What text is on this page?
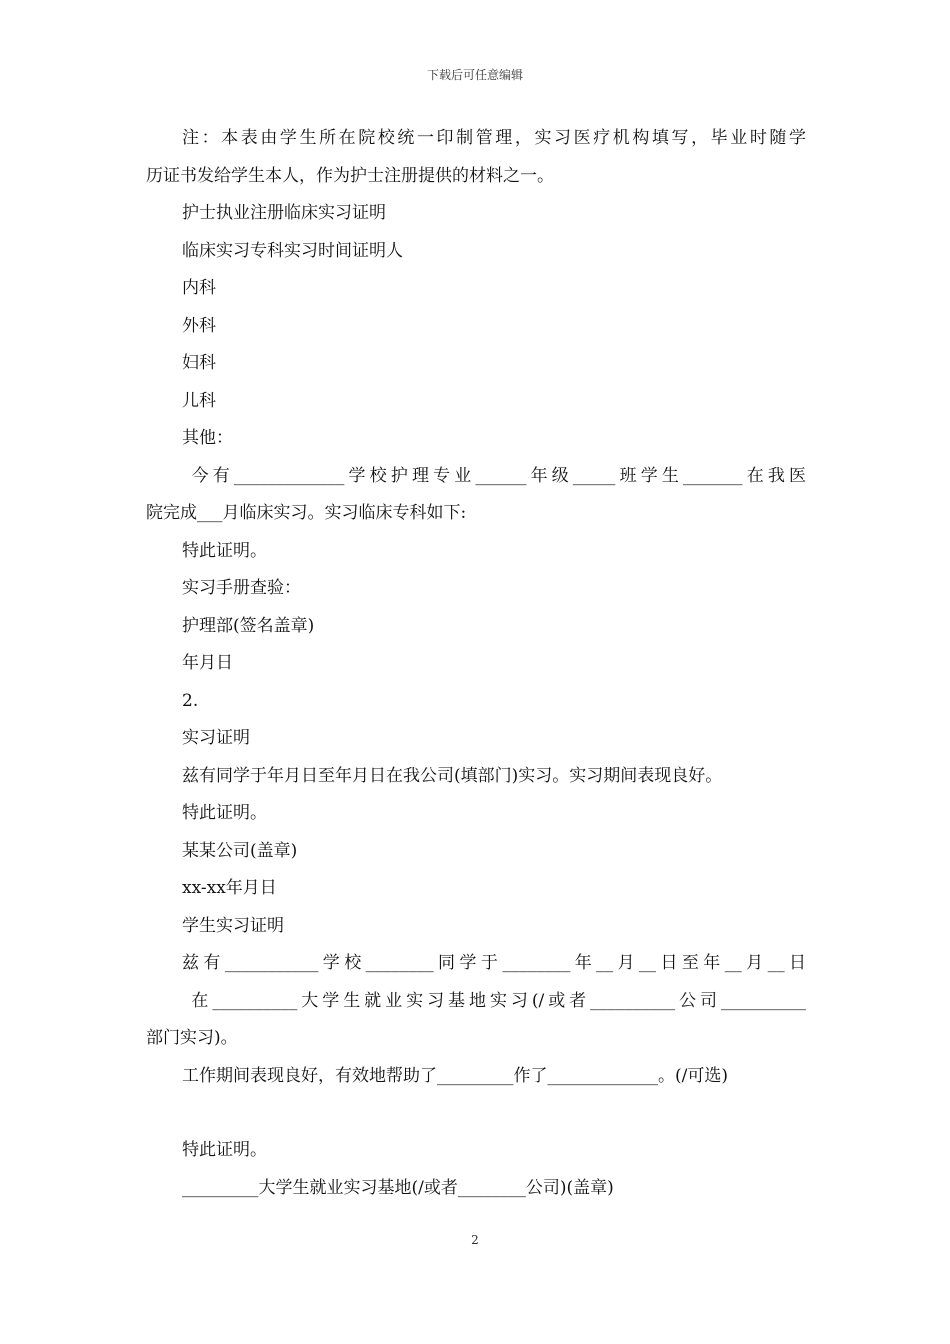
下载后可任意编辑

注：本表由学生所在院校统一印制管理，实习医疗机构填写，毕业时随学

历证书发给学生本人，作为护士注册提供的材料之一。

护士执业注册临床实习证明

临床实习专科实习时间证明人

内科

外科

妇科

儿科

其他：

今有_____________学校护理专业______年级_____班学生_______在我医

院完成___月临床实习。实习临床专科如下:

特此证明。

实习手册查验：

护理部(签名盖章)

年月日

2.

实习证明

兹有同学于年月日至年月日在我公司(填部门)实习。实习期间表现良好。

特此证明。

某某公司(盖章)

xx-xx年月日

学生实习证明

兹有___________学校________同学于________年__月__日至年__月__日

在__________大学生就业实习基地实习(/或者__________公司__________

部门实习)。

工作期间表现良好，有效地帮助了_________作了_____________。(/可选)

特此证明。

_________大学生就业实习基地(/或者________公司)(盖章)

2
